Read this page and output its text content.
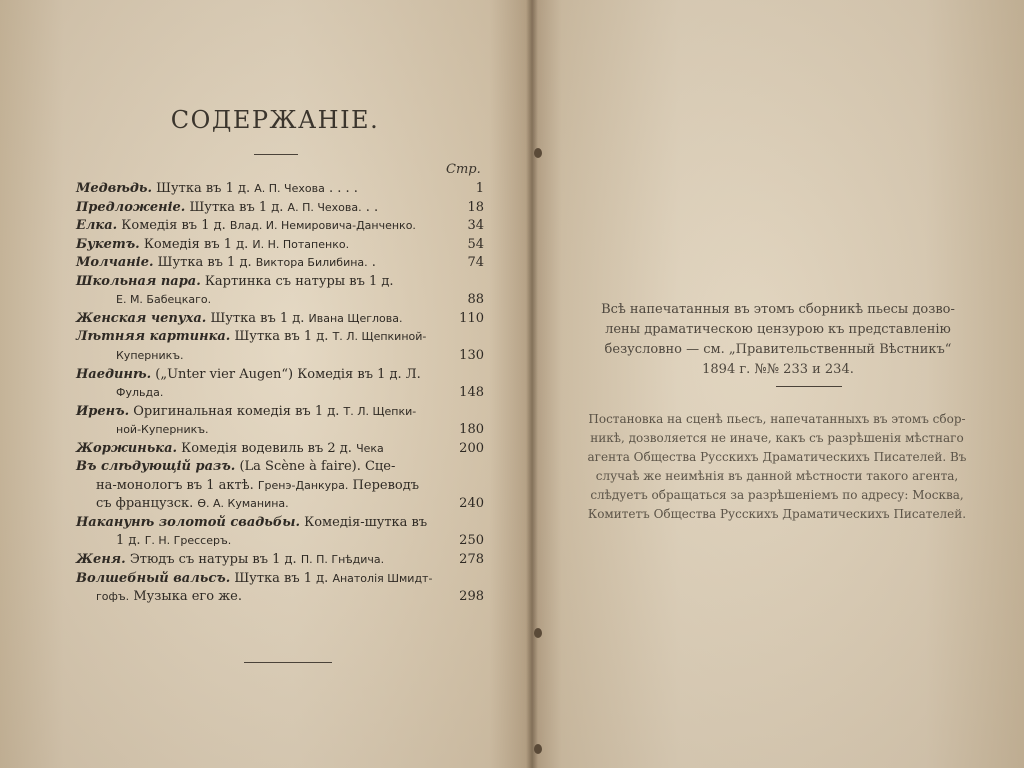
СОДЕРЖАНІЕ.
Стр.
Медвѣдь. Шутка въ 1 д. А. П. Чехова . . . .	1
Предложеніе. Шутка въ 1 д. А. П. Чехова. . .	18
Елка. Комедія въ 1 д. Влад. И. Немировича-Данченко.	34
Букетъ. Комедія въ 1 д. И. Н. Потапенко.	54
Молчаніе. Шутка въ 1 д. Виктора Билибина. .	74
Школьная пара. Картинка съ натуры въ 1 д.
Е. М. Бабецкаго.	88
Женская чепуха. Шутка въ 1 д. Ивана Щеглова.	110
Лѣтняя картинка. Шутка въ 1 д. Т. Л. Щепкиной-
Куперникъ.	130
Наединѣ. („Unter vier Augen“) Комедія въ 1 д. Л.
Фульда.	148
Иренъ. Оригинальная комедія въ 1 д. Т. Л. Щепки-
ной-Куперникъ.	180
Жоржинька. Комедія водевиль въ 2 д. Чека	200
Въ слѣдующій разъ. (La Scène à faire). Сце-
на-монологъ въ 1 актѣ. Гренэ-Данкура. Переводъ
съ французск. Ө. А. Куманина.	240
Наканунѣ золотой свадьбы. Комедія-шутка въ
1 д. Г. Н. Грессеръ.	250
Женя. Этюдъ съ натуры въ 1 д. П. П. Гнѣдича.	278
Волшебный вальсъ. Шутка въ 1 д. Анатолія Шмидт-
гофъ. Музыка его же.	298
Всѣ напечатанныя въ этомъ сборникѣ пьесы дозво-
лены драматическою цензурою къ представленію
безусловно — см. „Правительственный Вѣстникъ“
1894 г. №№ 233 и 234.
Постановка на сценѣ пьесъ, напечатанныхъ въ этомъ сбор-
никѣ, дозволяется не иначе, какъ съ разрѣшенія мѣстнаго
агента Общества Русскихъ Драматическихъ Писателей. Въ
случаѣ же неимѣнія въ данной мѣстности такого агента,
слѣдуетъ обращаться за разрѣшеніемъ по адресу: Москва,
Комитетъ Общества Русскихъ Драматическихъ Писателей.
